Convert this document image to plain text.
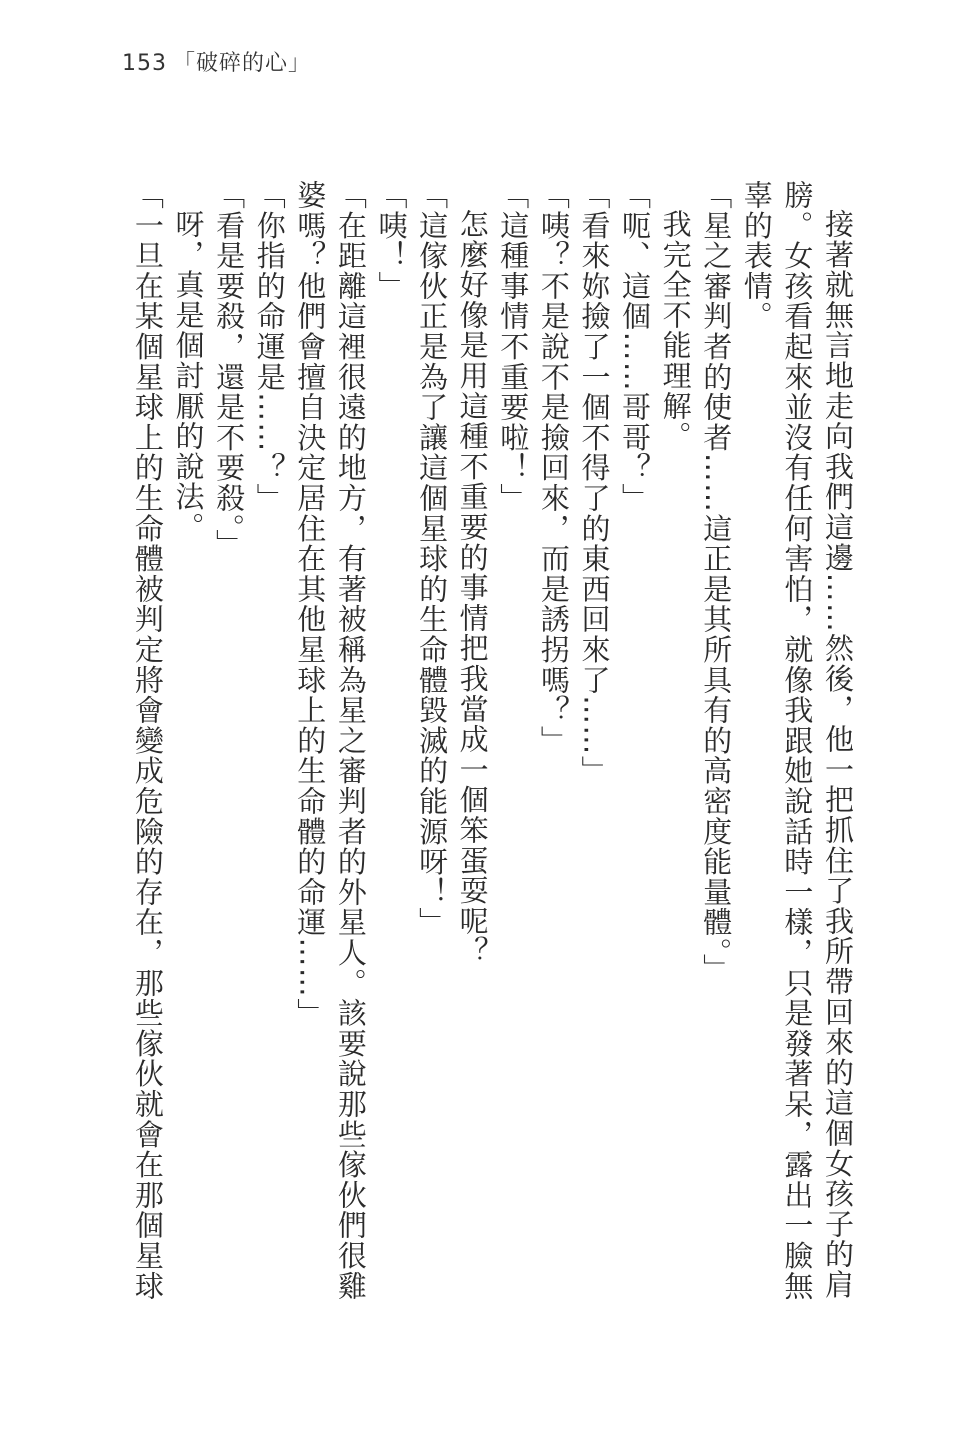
153 「破碎的心」

接著就無言地走向我們這邊……然後，他一把抓住了我所帶回來的這個女孩子的肩膀。女孩看起來並沒有任何害怕，就像我跟她說話時一樣，只是發著呆，露出一臉無辜的表情。

「星之審判者的使者……這正是其所具有的高密度能量體。」

我完全不能理解。

「呃、這個……哥哥？」

「看來妳撿了一個不得了的東西回來了……」

「咦？不是說不是撿回來，而是誘拐嗎？」

「這種事情不重要啦！」

怎麼好像是用這種不重要的事情把我當成一個笨蛋耍呢？

「這傢伙正是為了讓這個星球的生命體毀滅的能源呀！」

「咦！」

「在距離這裡很遠的地方，有著被稱為星之審判者的外星人。該要說那些傢伙們很雞婆嗎？他們會擅自決定居住在其他星球上的生命體的命運……」

「你指的命運是……？」

「看是要殺，還是不要殺。」

呀，真是個討厭的說法。

「一旦在某個星球上的生命體被判定將會變成危險的存在，那些傢伙就會在那個星球
